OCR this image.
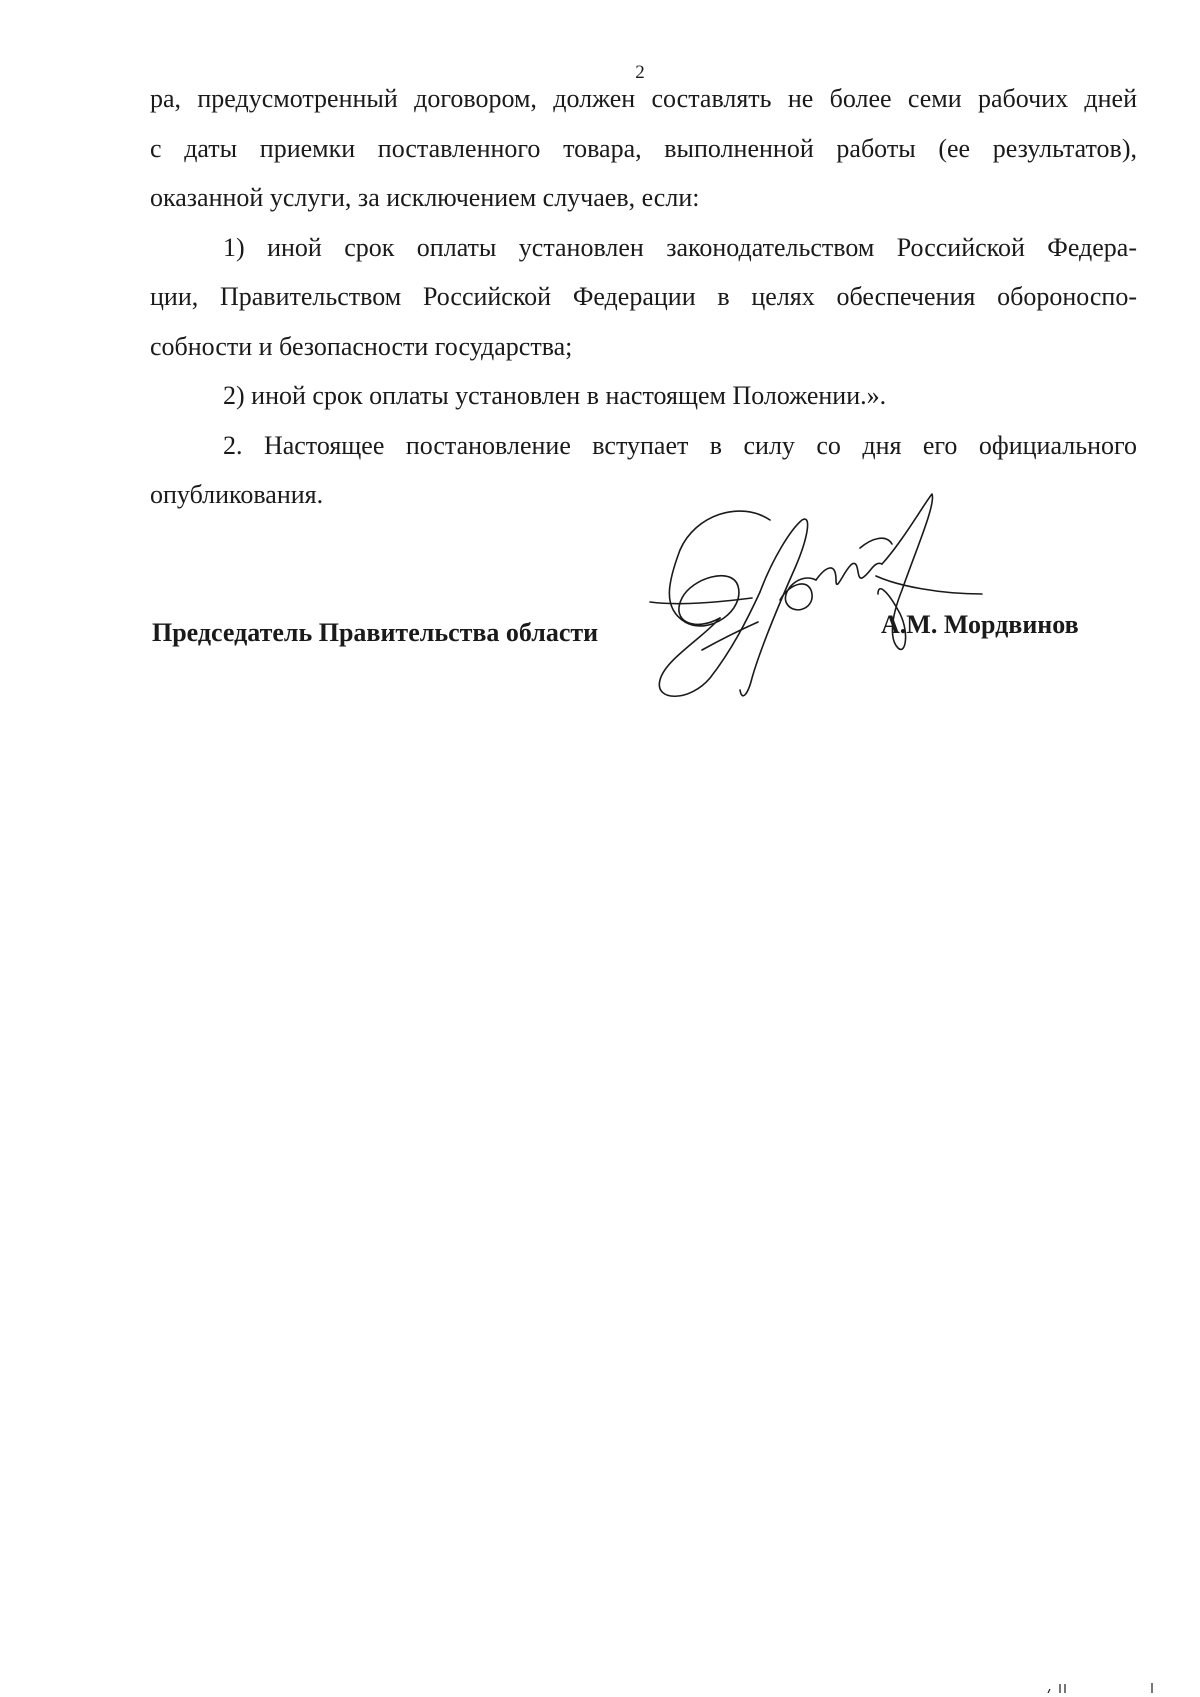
2

ра, предусмотренный договором, должен составлять не более семи рабочих дней

с даты приемки поставленного товара, выполненной работы (ее результатов),

оказанной услуги, за исключением случаев, если:

1) иной срок оплаты установлен законодательством Российской Федера-

ции, Правительством Российской Федерации в целях обеспечения обороноспо-

собности и безопасности государства;

2) иной срок оплаты установлен в настоящем Положении.».

2. Настоящее постановление вступает в силу со дня его официального

опубликования.

Председатель Правительства области	А.М. Мордвинов
